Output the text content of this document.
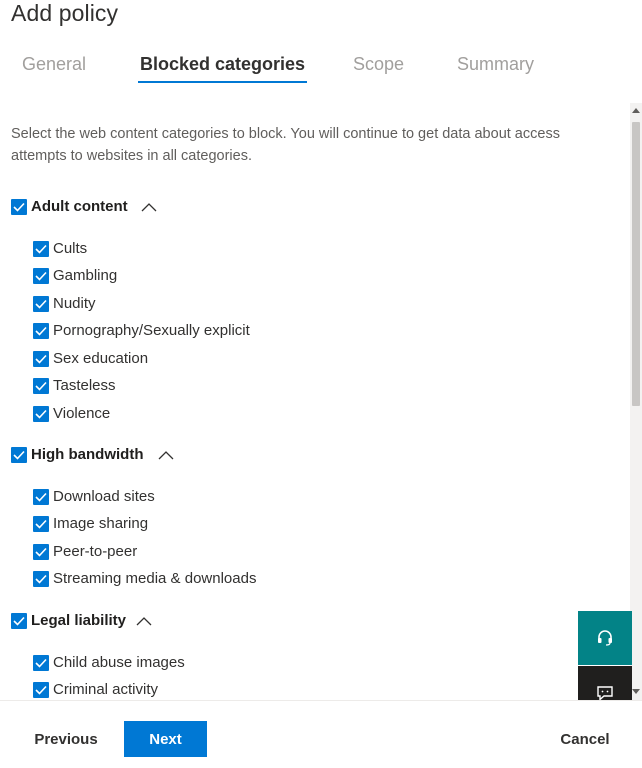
Add policy
General	Blocked categories	Scope	Summary
Select the web content categories to block. You will continue to get data about access attempts to websites in all categories.
Adult content
Cults
Gambling
Nudity
Pornography/Sexually explicit
Sex education
Tasteless
Violence
High bandwidth
Download sites
Image sharing
Peer-to-peer
Streaming media & downloads
Legal liability
Child abuse images
Criminal activity
Previous	Next	Cancel
